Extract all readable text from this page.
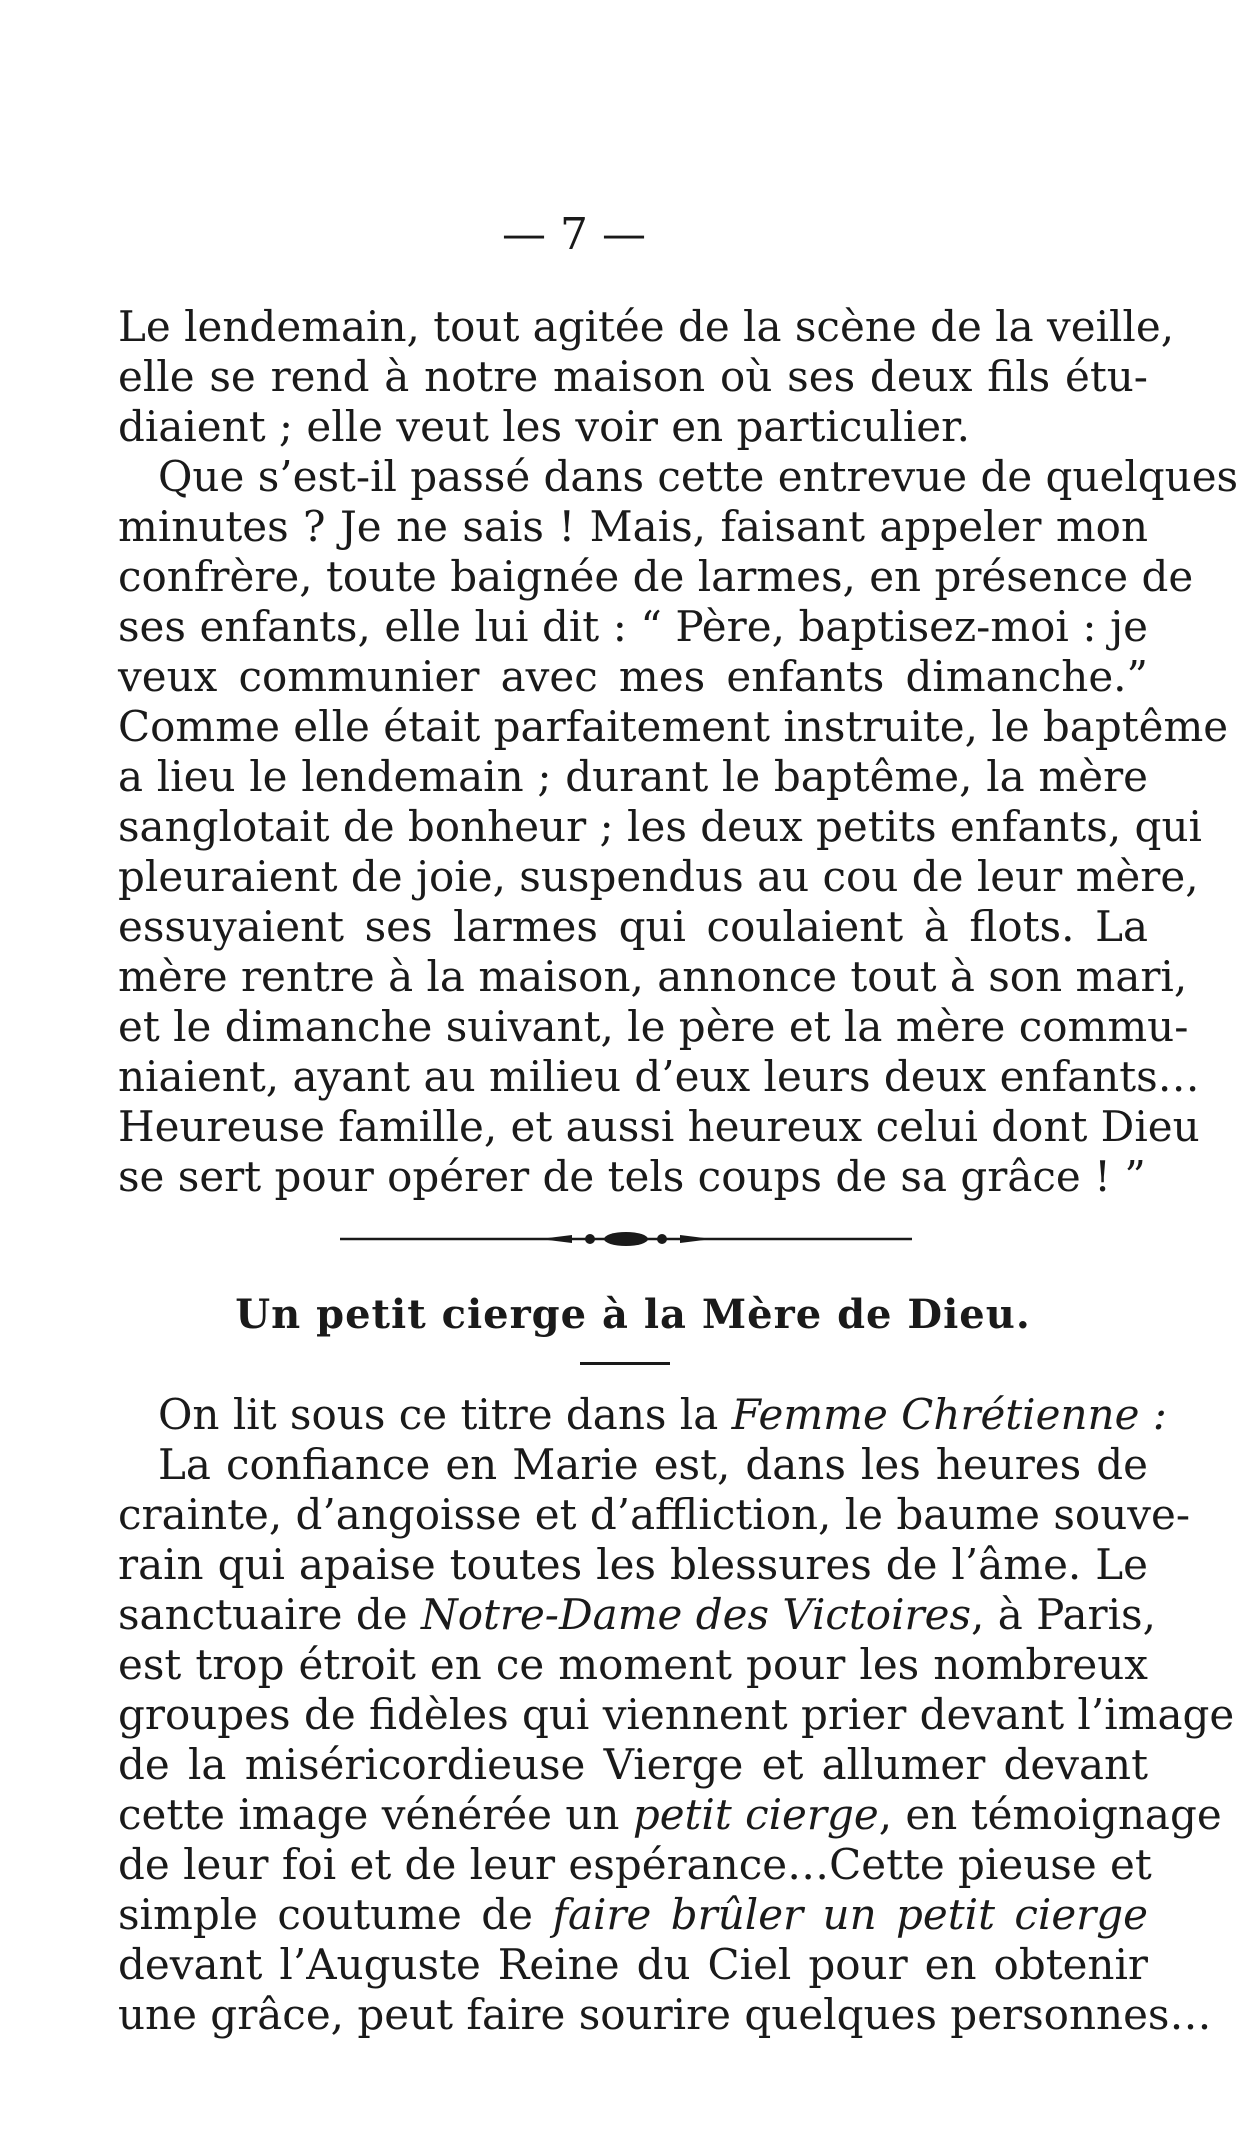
— 7 —
Le lendemain, tout agitée de la scène de la veille,
elle se rend à notre maison où ses deux fils étu-
diaient ; elle veut les voir en particulier.
Que s’est-il passé dans cette entrevue de quelques
minutes ? Je ne sais ! Mais, faisant appeler mon
confrère, toute baignée de larmes, en présence de
ses enfants, elle lui dit : “ Père, baptisez-moi : je
veux communier avec mes enfants dimanche.”
Comme elle était parfaitement instruite, le baptême
a lieu le lendemain ; durant le baptême, la mère
sanglotait de bonheur ; les deux petits enfants, qui
pleuraient de joie, suspendus au cou de leur mère,
essuyaient ses larmes qui coulaient à flots. La
mère rentre à la maison, annonce tout à son mari,
et le dimanche suivant, le père et la mère commu-
niaient, ayant au milieu d’eux leurs deux enfants…
Heureuse famille, et aussi heureux celui dont Dieu
se sert pour opérer de tels coups de sa grâce ! ”
Un petit cierge à la Mère de Dieu.
On lit sous ce titre dans la Femme Chrétienne :
La confiance en Marie est, dans les heures de
crainte, d’angoisse et d’affliction, le baume souve-
rain qui apaise toutes les blessures de l’âme. Le
sanctuaire de Notre-Dame des Victoires, à Paris,
est trop étroit en ce moment pour les nombreux
groupes de fidèles qui viennent prier devant l’image
de la miséricordieuse Vierge et allumer devant
cette image vénérée un petit cierge, en témoignage
de leur foi et de leur espérance…Cette pieuse et
simple coutume de faire brûler un petit cierge
devant l’Auguste Reine du Ciel pour en obtenir
une grâce, peut faire sourire quelques personnes…
